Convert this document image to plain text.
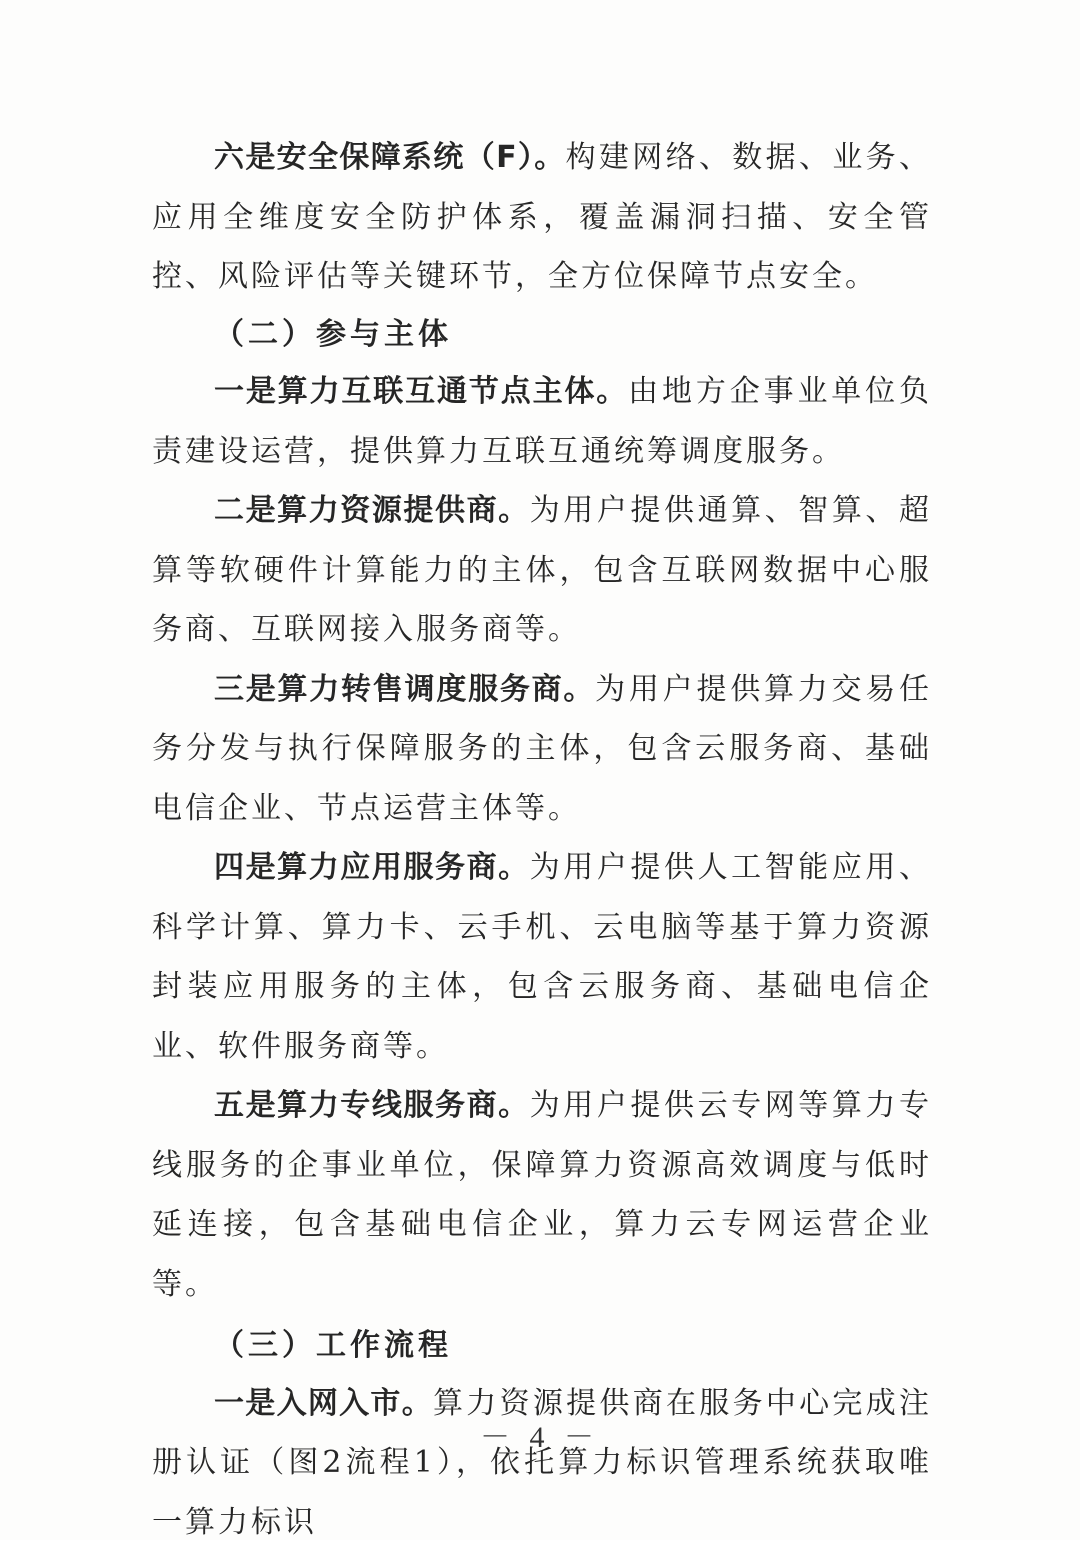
六是安全保障系统（F）。构建网络、数据、业务、应用全维度安全防护体系，覆盖漏洞扫描、安全管控、风险评估等关键环节，全方位保障节点安全。

（二）参与主体

一是算力互联互通节点主体。由地方企事业单位负责建设运营，提供算力互联互通统筹调度服务。

二是算力资源提供商。为用户提供通算、智算、超算等软硬件计算能力的主体，包含互联网数据中心服务商、互联网接入服务商等。

三是算力转售调度服务商。为用户提供算力交易任务分发与执行保障服务的主体，包含云服务商、基础电信企业、节点运营主体等。

四是算力应用服务商。为用户提供人工智能应用、科学计算、算力卡、云手机、云电脑等基于算力资源封装应用服务的主体，包含云服务商、基础电信企业、软件服务商等。

五是算力专线服务商。为用户提供云专网等算力专线服务的企事业单位，保障算力资源高效调度与低时延连接，包含基础电信企业，算力云专网运营企业等。

（三）工作流程

一是入网入市。算力资源提供商在服务中心完成注册认证（图2流程1），依托算力标识管理系统获取唯一算力标识

－ 4 －
